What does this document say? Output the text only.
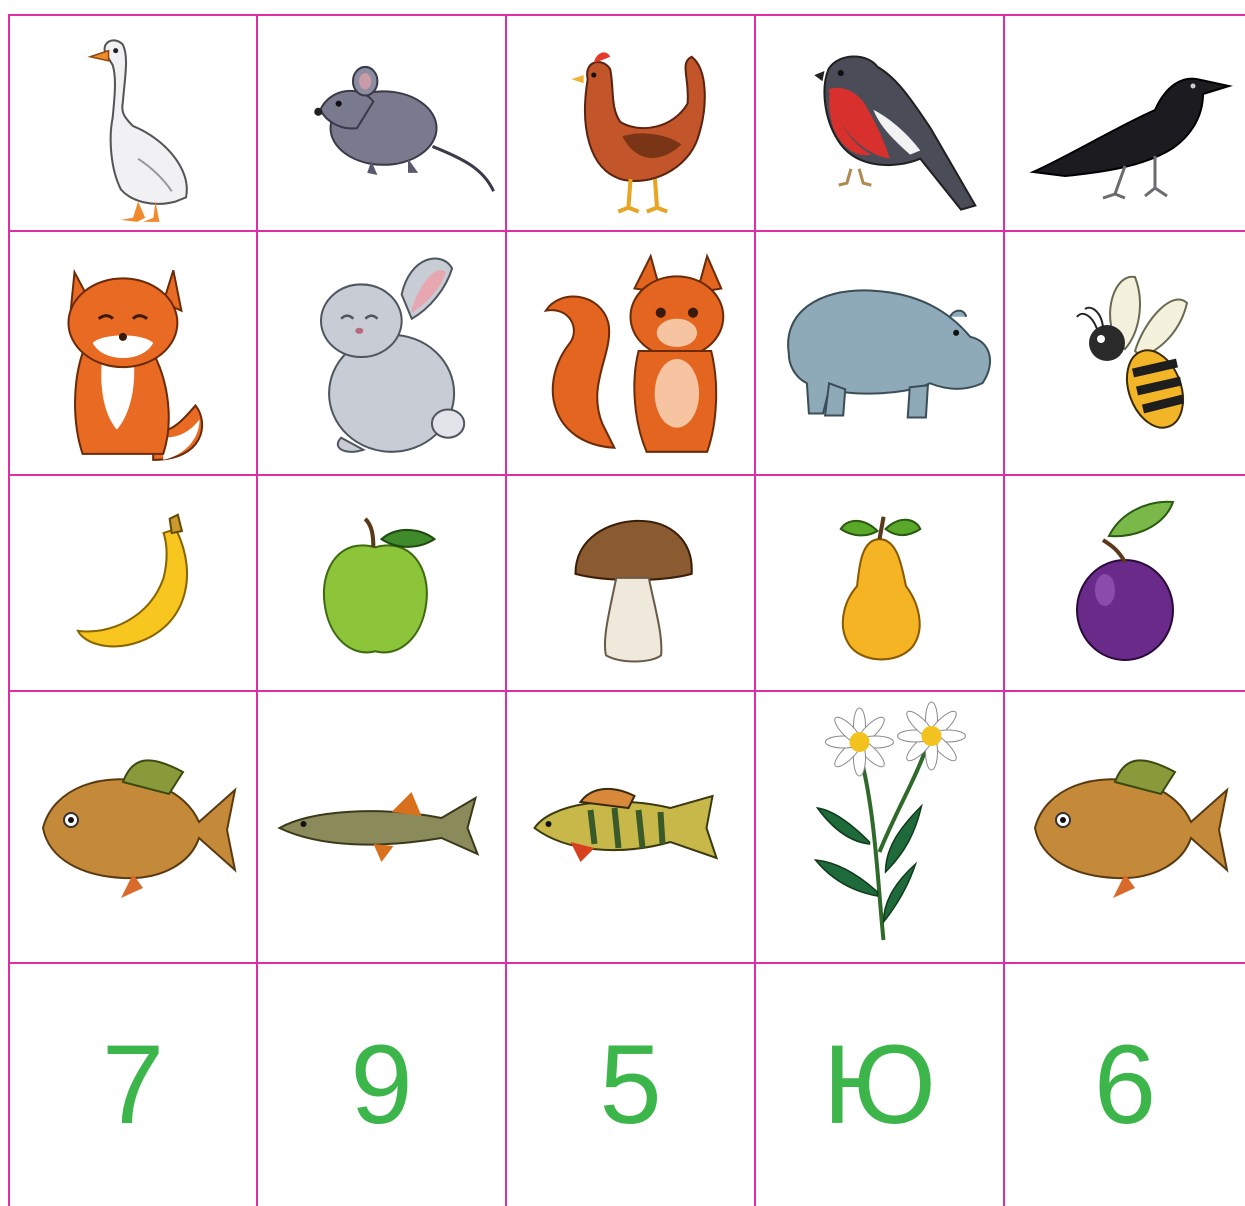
7 9 5 Ю 6
